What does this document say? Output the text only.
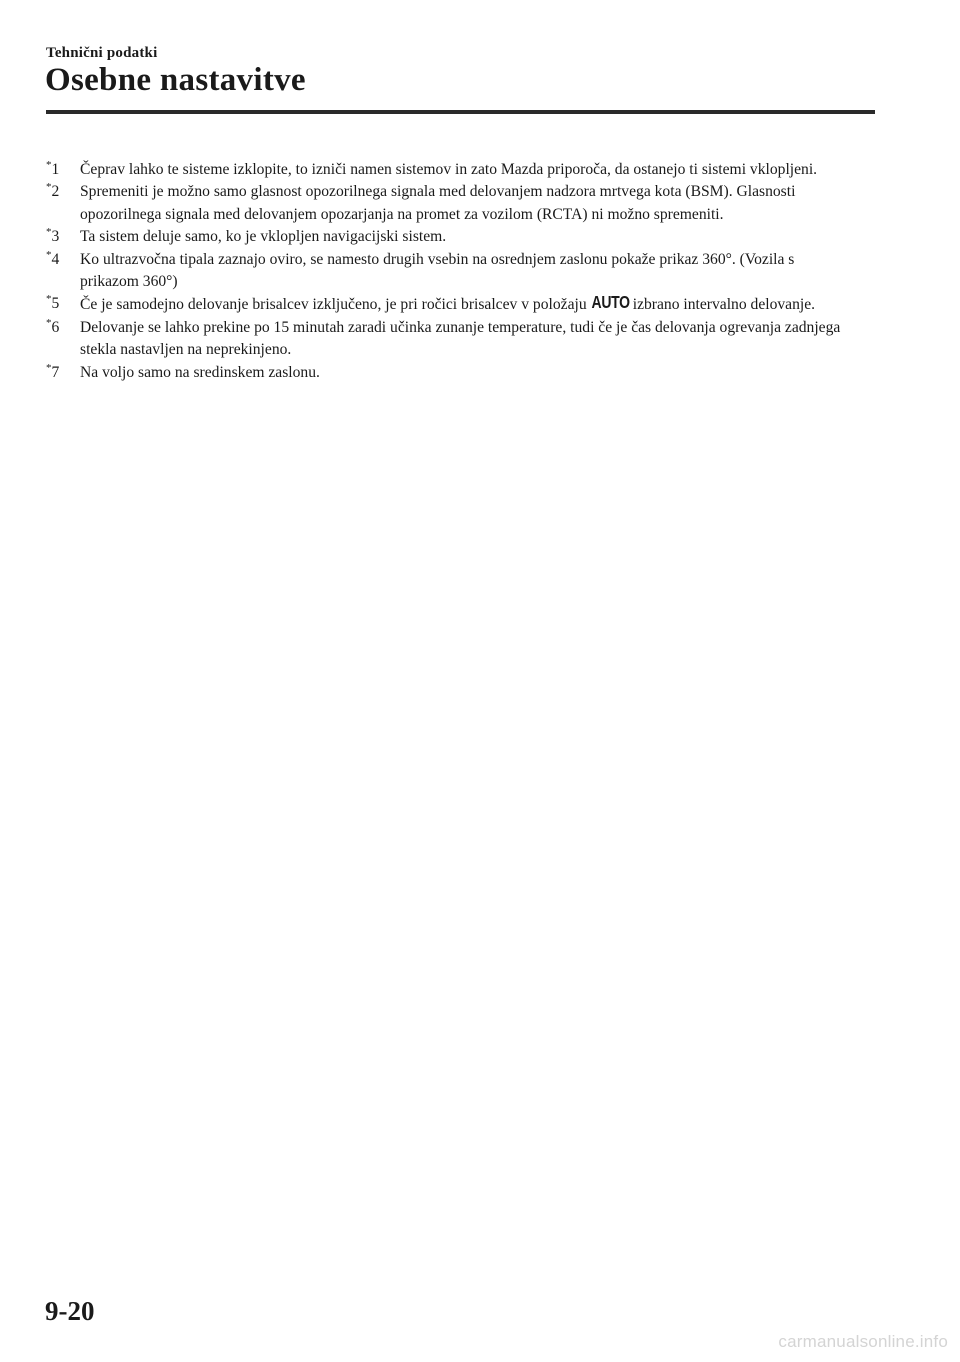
Tehnični podatki
Osebne nastavitve
*1	Čeprav lahko te sisteme izklopite, to izniči namen sistemov in zato Mazda priporoča, da ostanejo ti sistemi vklopljeni.
*2	Spremeniti je možno samo glasnost opozorilnega signala med delovanjem nadzora mrtvega kota (BSM). Glasnosti opozorilnega signala med delovanjem opozarjanja na promet za vozilom (RCTA) ni možno spremeniti.
*3	Ta sistem deluje samo, ko je vklopljen navigacijski sistem.
*4	Ko ultrazvočna tipala zaznajo oviro, se namesto drugih vsebin na osrednjem zaslonu pokaže prikaz 360°. (Vozila s prikazom 360°)
*5	Če je samodejno delovanje brisalcev izključeno, je pri ročici brisalcev v položaju AUTO izbrano intervalno delovanje.
*6	Delovanje se lahko prekine po 15 minutah zaradi učinka zunanje temperature, tudi če je čas delovanja ogrevanja zadnjega stekla nastavljen na neprekinjeno.
*7	Na voljo samo na sredinskem zaslonu.
9-20
carmanualsonline.info
